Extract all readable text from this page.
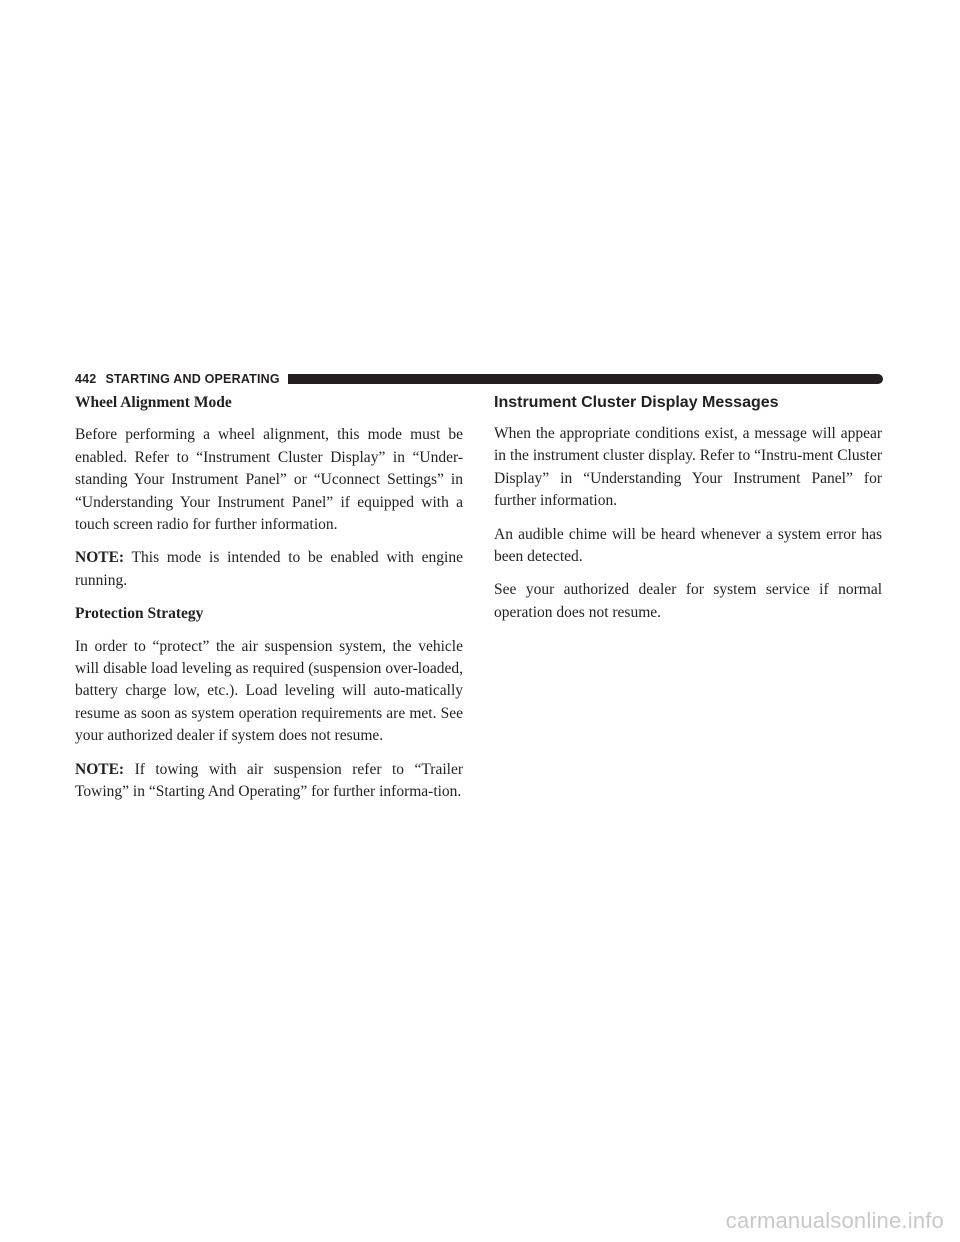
442 STARTING AND OPERATING
Wheel Alignment Mode

Before performing a wheel alignment, this mode must be enabled. Refer to “Instrument Cluster Display” in “Under-standing Your Instrument Panel” or “Uconnect Settings” in “Understanding Your Instrument Panel” if equipped with a touch screen radio for further information.

NOTE: This mode is intended to be enabled with engine running.

Protection Strategy

In order to “protect” the air suspension system, the vehicle will disable load leveling as required (suspension over-loaded, battery charge low, etc.). Load leveling will auto-matically resume as soon as system operation requirements are met. See your authorized dealer if system does not resume.

NOTE: If towing with air suspension refer to “Trailer Towing” in “Starting And Operating” for further informa-tion.

Instrument Cluster Display Messages

When the appropriate conditions exist, a message will appear in the instrument cluster display. Refer to “Instru-ment Cluster Display” in “Understanding Your Instrument Panel” for further information.

An audible chime will be heard whenever a system error has been detected.

See your authorized dealer for system service if normal operation does not resume.

carmanualsonline.info
